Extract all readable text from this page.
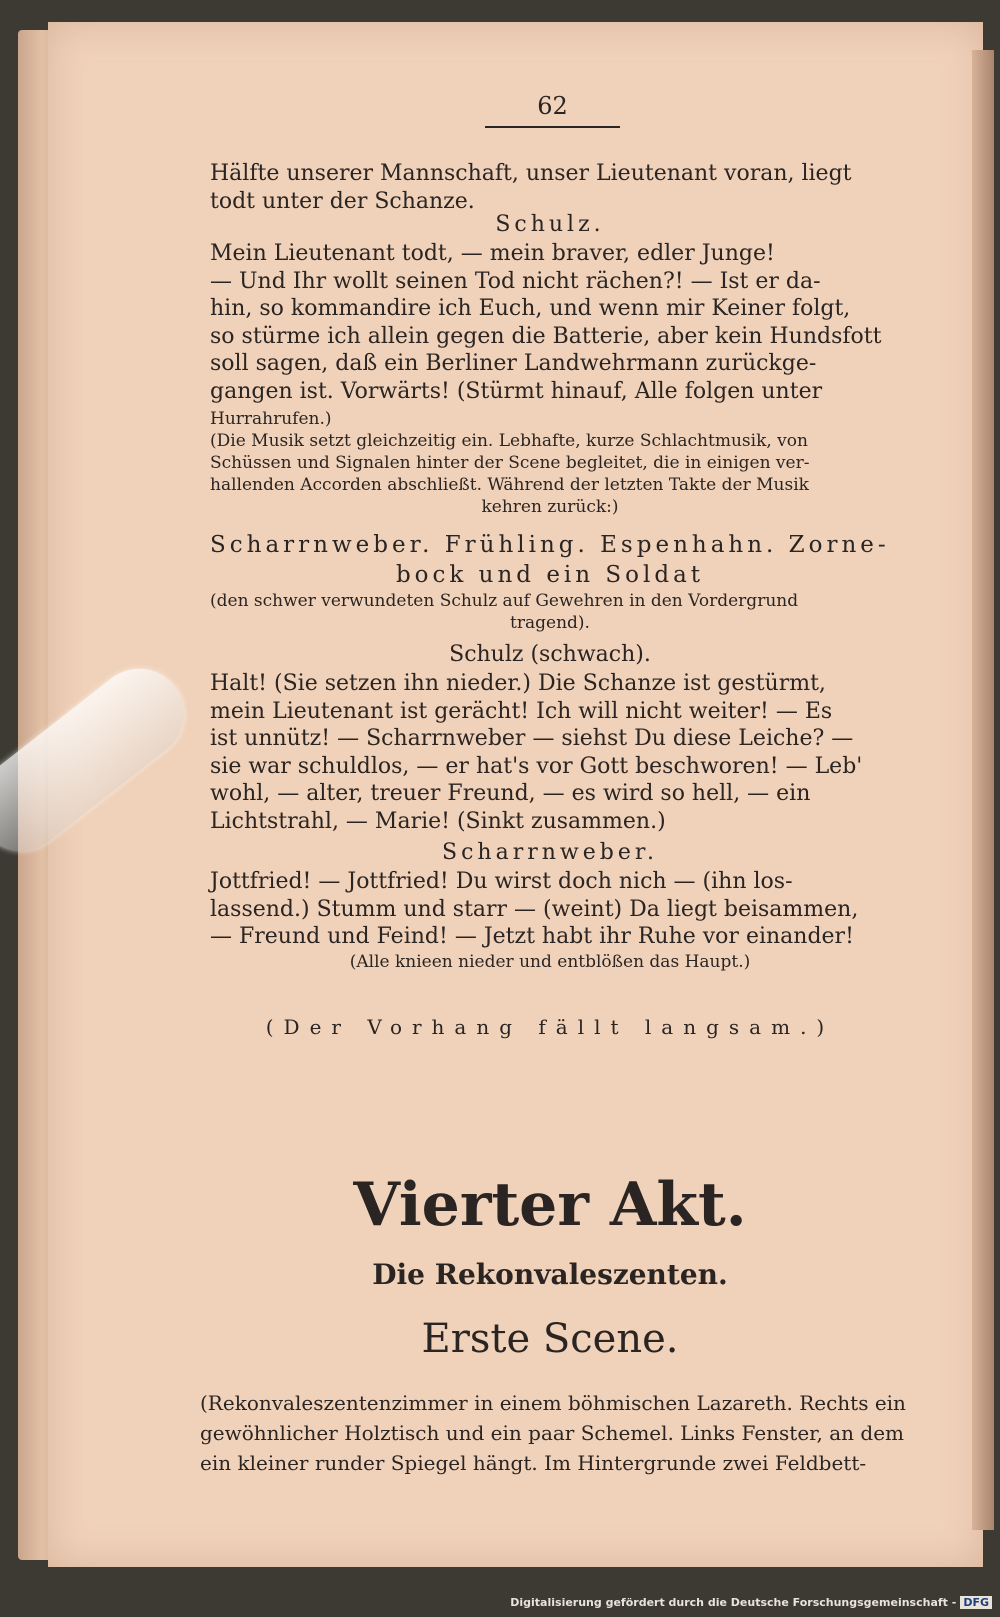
62
Hälfte unserer Mannschaft, unser Lieutenant voran, liegt
todt unter der Schanze.
Schulz.
Mein Lieutenant todt, — mein braver, edler Junge!
— Und Ihr wollt seinen Tod nicht rächen?! — Ist er da-
hin, so kommandire ich Euch, und wenn mir Keiner folgt,
so stürme ich allein gegen die Batterie, aber kein Hundsfott
soll sagen, daß ein Berliner Landwehrmann zurückge-
gangen ist. Vorwärts! (Stürmt hinauf, Alle folgen unter
Hurrahrufen.)
(Die Musik setzt gleichzeitig ein. Lebhafte, kurze Schlachtmusik, von
Schüssen und Signalen hinter der Scene begleitet, die in einigen ver-
hallenden Accorden abschließt. Während der letzten Takte der Musik
kehren zurück:)
Scharrnweber. Frühling. Espenhahn. Zorne-
bock und ein Soldat
(den schwer verwundeten Schulz auf Gewehren in den Vordergrund
tragend).
Schulz (schwach).
Halt! (Sie setzen ihn nieder.) Die Schanze ist gestürmt,
mein Lieutenant ist gerächt! Ich will nicht weiter! — Es
ist unnütz! — Scharrnweber — siehst Du diese Leiche? —
sie war schuldlos, — er hat's vor Gott beschworen! — Leb'
wohl, — alter, treuer Freund, — es wird so hell, — ein
Lichtstrahl, — Marie! (Sinkt zusammen.)
Scharrnweber.
Jottfried! — Jottfried! Du wirst doch nich — (ihn los-
lassend.) Stumm und starr — (weint) Da liegt beisammen,
— Freund und Feind! — Jetzt habt ihr Ruhe vor einander!
(Alle knieen nieder und entblößen das Haupt.)
(Der Vorhang fällt langsam.)
Vierter Akt.
Die Rekonvaleszenten.
Erste Scene.
(Rekonvaleszentenzimmer in einem böhmischen Lazareth. Rechts ein
gewöhnlicher Holztisch und ein paar Schemel. Links Fenster, an dem
ein kleiner runder Spiegel hängt. Im Hintergrunde zwei Feldbett-
Digitalisierung gefördert durch die Deutsche Forschungsgemeinschaft - DFG
